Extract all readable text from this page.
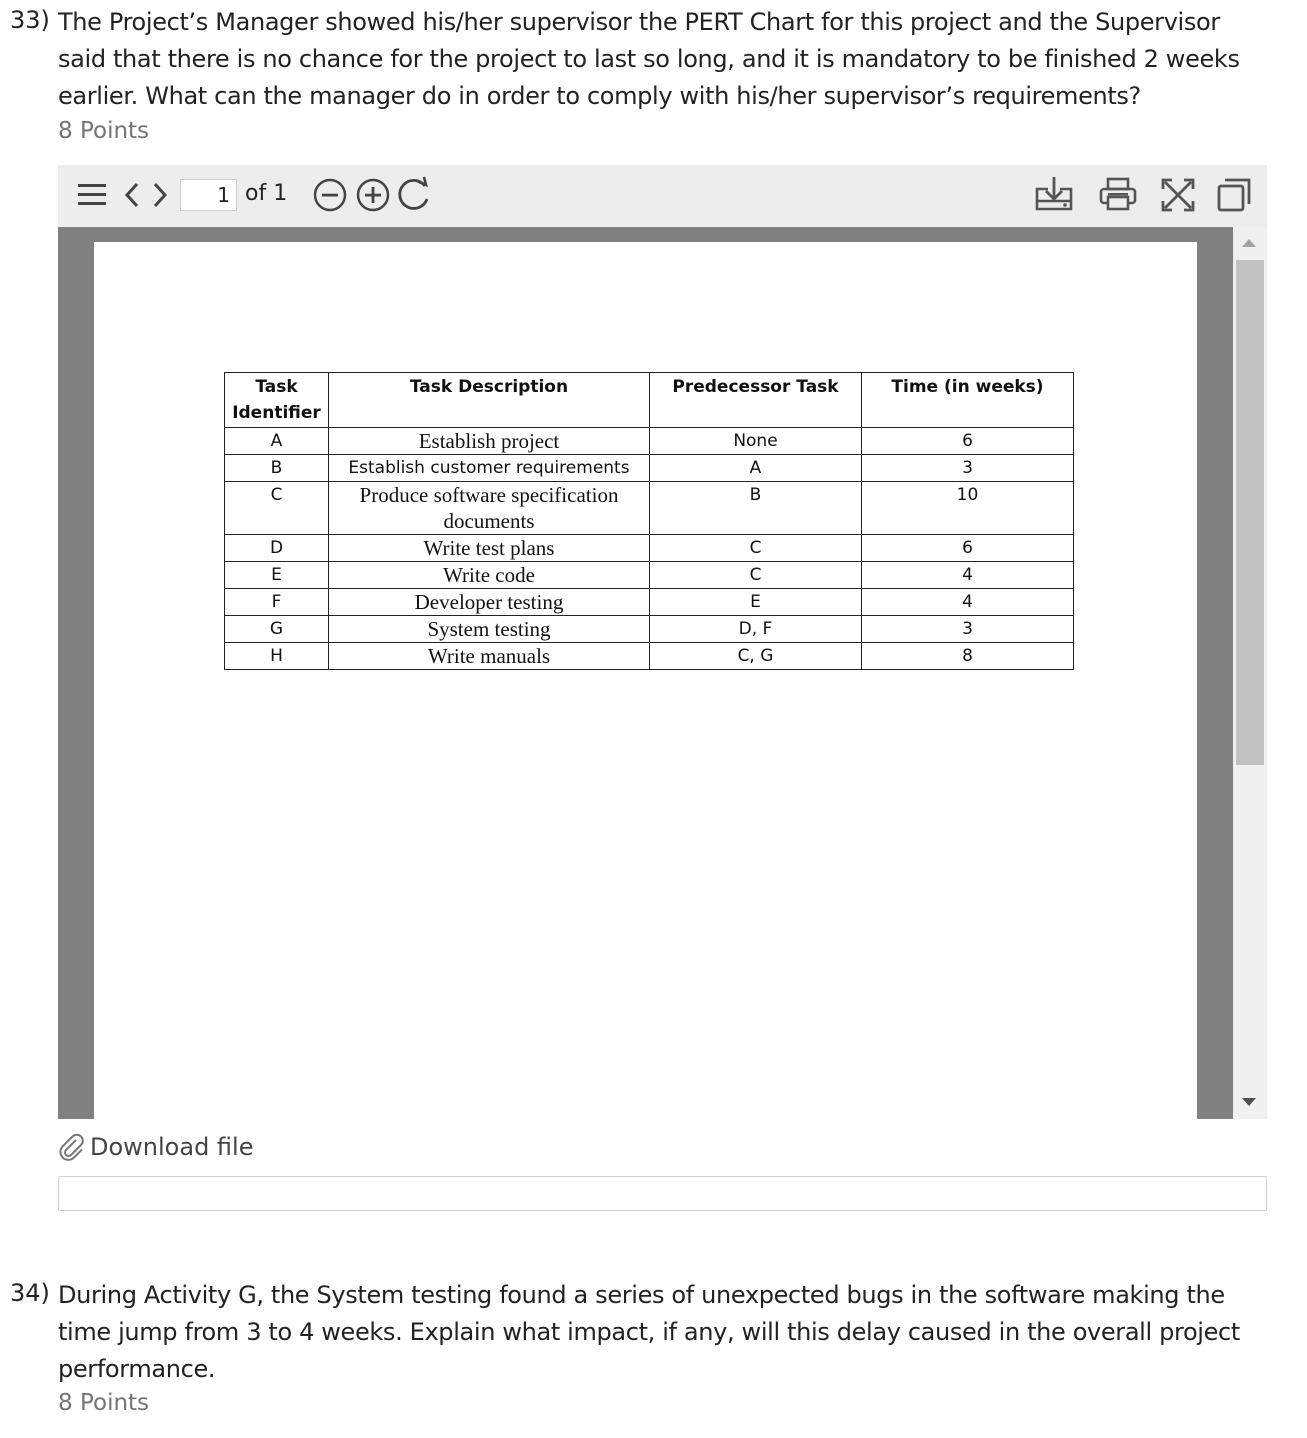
33) The Project’s Manager showed his/her supervisor the PERT Chart for this project and the Supervisor
said that there is no chance for the project to last so long, and it is mandatory to be finished 2 weeks
earlier. What can the manager do in order to comply with his/her supervisor’s requirements?
8 Points
1
of 1
Task
Identifier	Task Description	Predecessor Task	Time (in weeks)
A	Establish project	None	6
B	Establish customer requirements	A	3
C	Produce software specification documents	B	10
D	Write test plans	C	6
E	Write code	C	4
F	Developer testing	E	4
G	System testing	D, F	3
H	Write manuals	C, G	8
Download file
34) During Activity G, the System testing found a series of unexpected bugs in the software making the
time jump from 3 to 4 weeks. Explain what impact, if any, will this delay caused in the overall project
performance.
8 Points
